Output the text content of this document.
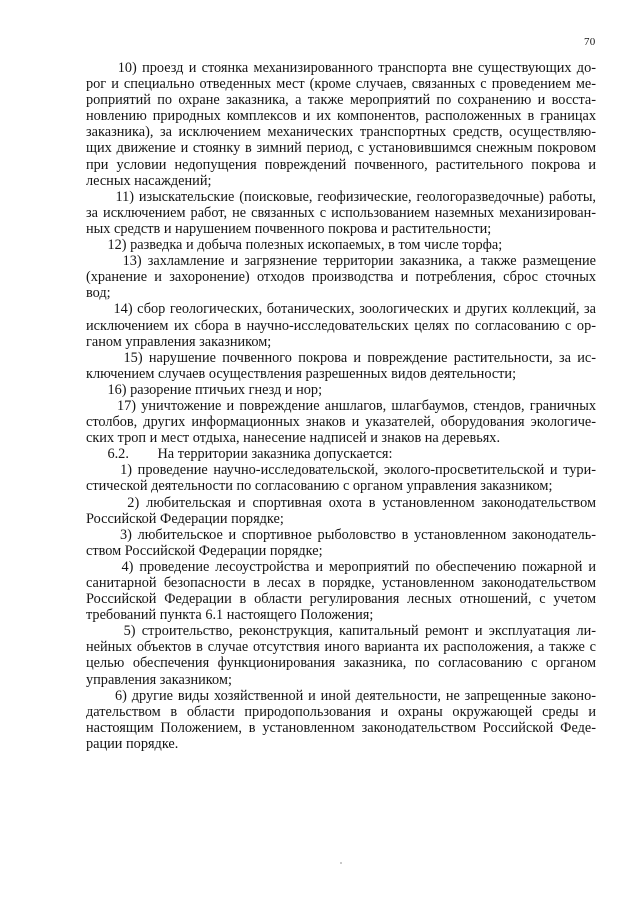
70
10) проезд и стоянка механизированного транспорта вне существующих до-
рог и специально отведенных мест (кроме случаев, связанных с проведением ме-
роприятий по охране заказника, а также мероприятий по сохранению и восста-
новлению природных комплексов и их компонентов, расположенных в границах
заказника), за исключением механических транспортных средств, осуществляю-
щих движение и стоянку в зимний период, с установившимся снежным покровом
при условии недопущения повреждений почвенного, растительного покрова и
лесных насаждений;
11) изыскательские (поисковые, геофизические, геологоразведочные) работы,
за исключением работ, не связанных с использованием наземных механизирован-
ных средств и нарушением почвенного покрова и растительности;
12) разведка и добыча полезных ископаемых, в том числе торфа;
13) захламление и загрязнение территории заказника, а также размещение
(хранение и захоронение) отходов производства и потребления, сброс сточных
вод;
14) сбор геологических, ботанических, зоологических и других коллекций, за
исключением их сбора в научно-исследовательских целях по согласованию с ор-
ганом управления заказником;
15) нарушение почвенного покрова и повреждение растительности, за ис-
ключением случаев осуществления разрешенных видов деятельности;
16) разорение птичьих гнезд и нор;
17) уничтожение и повреждение аншлагов, шлагбаумов, стендов, граничных
столбов, других информационных знаков и указателей, оборудования экологиче-
ских троп и мест отдыха, нанесение надписей и знаков на деревьях.
6.2.        На территории заказника допускается:
1) проведение научно-исследовательской, эколого-просветительской и тури-
стической деятельности по согласованию с органом управления заказником;
2) любительская и спортивная охота в установленном законодательством
Российской Федерации порядке;
3) любительское и спортивное рыболовство в установленном законодатель-
ством Российской Федерации порядке;
4) проведение лесоустройства и мероприятий по обеспечению пожарной и
санитарной безопасности в лесах в порядке, установленном законодательством
Российской Федерации в области регулирования лесных отношений, с учетом
требований пункта 6.1 настоящего Положения;
5) строительство, реконструкция, капитальный ремонт и эксплуатация ли-
нейных объектов в случае отсутствия иного варианта их расположения, а также с
целью обеспечения функционирования заказника, по согласованию с органом
управления заказником;
6) другие виды хозяйственной и иной деятельности, не запрещенные законо-
дательством в области природопользования и охраны окружающей среды и
настоящим Положением, в установленном законодательством Российской Феде-
рации порядке.
